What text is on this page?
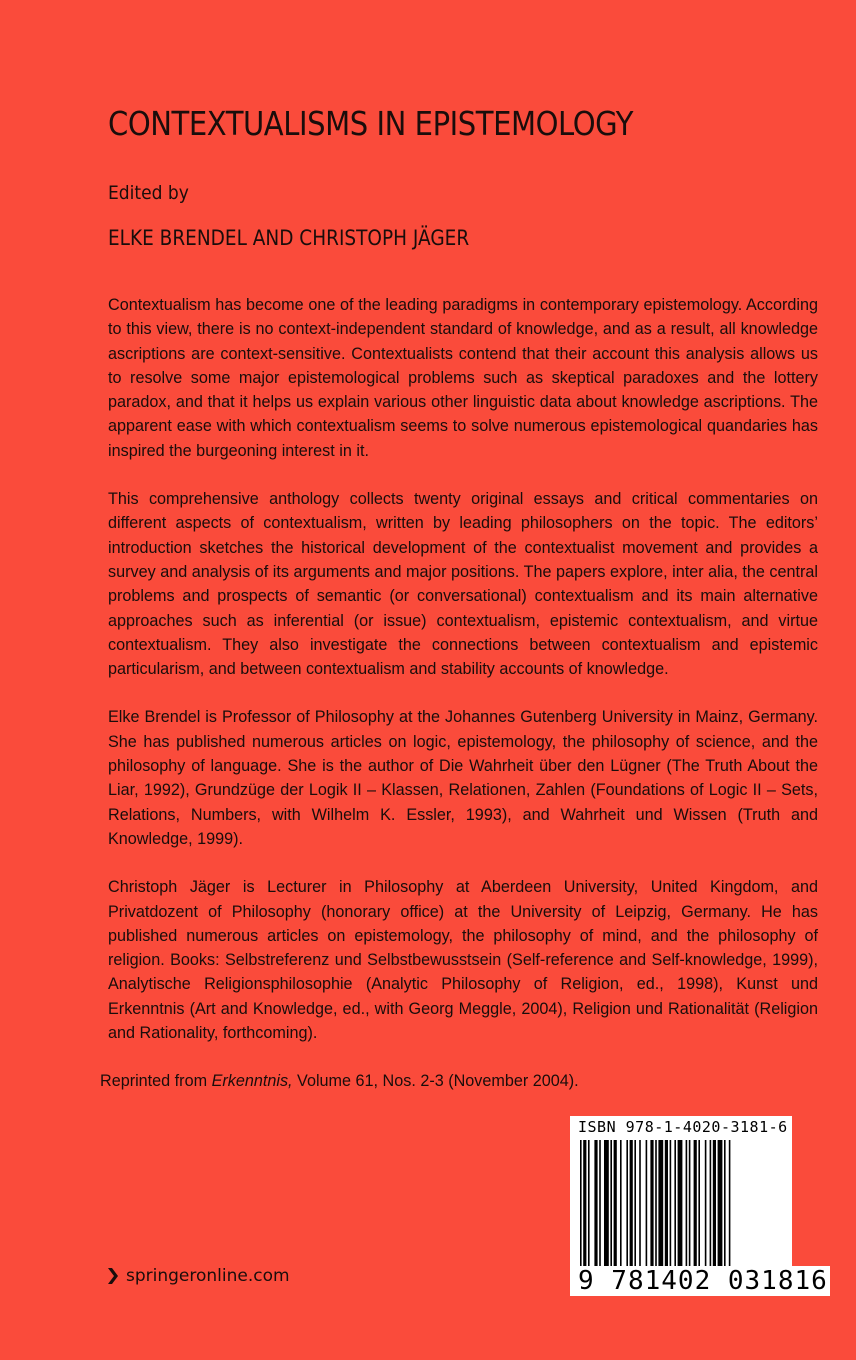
CONTEXTUALISMS IN EPISTEMOLOGY
Edited by
ELKE BRENDEL AND CHRISTOPH JÄGER

Contextualism has become one of the leading paradigms in contemporary epistemology. According to this view, there is no context-independent standard of knowledge, and as a result, all knowledge ascriptions are context-sensitive. Contextualists contend that their account this analysis allows us to resolve some major epistemological problems such as skeptical paradoxes and the lottery paradox, and that it helps us explain various other linguistic data about knowledge ascriptions. The apparent ease with which contextualism seems to solve numerous epistemological quandaries has inspired the burgeoning interest in it.

This comprehensive anthology collects twenty original essays and critical commentaries on different aspects of contextualism, written by leading philosophers on the topic. The editors’ introduction sketches the historical development of the contextualist movement and provides a survey and analysis of its arguments and major positions. The papers explore, inter alia, the central problems and prospects of semantic (or conversational) contextualism and its main alternative approaches such as inferential (or issue) contextualism, epistemic contextualism, and virtue contextualism. They also investigate the connections between contextualism and epistemic particularism, and between contextualism and stability accounts of knowledge.

Elke Brendel is Professor of Philosophy at the Johannes Gutenberg University in Mainz, Germany. She has published numerous articles on logic, epistemology, the philosophy of science, and the philosophy of language. She is the author of Die Wahrheit über den Lügner (The Truth About the Liar, 1992), Grundzüge der Logik II – Klassen, Relationen, Zahlen (Foundations of Logic II – Sets, Relations, Numbers, with Wilhelm K. Essler, 1993), and Wahrheit und Wissen (Truth and Knowledge, 1999).

Christoph Jäger is Lecturer in Philosophy at Aberdeen University, United Kingdom, and Privatdozent of Philosophy (honorary office) at the University of Leipzig, Germany. He has published numerous articles on epistemology, the philosophy of mind, and the philosophy of religion. Books: Selbstreferenz und Selbstbewusstsein (Self-reference and Self-knowledge, 1999), Analytische Religionsphilosophie (Analytic Philosophy of Religion, ed., 1998), Kunst und Erkenntnis (Art and Knowledge, ed., with Georg Meggle, 2004), Religion und Rationalität (Religion and Rationality, forthcoming).

Reprinted from Erkenntnis, Volume 61, Nos. 2-3 (November 2004).
ISBN 978-1-4020-3181-6
9 781402 031816
springeronline.com
